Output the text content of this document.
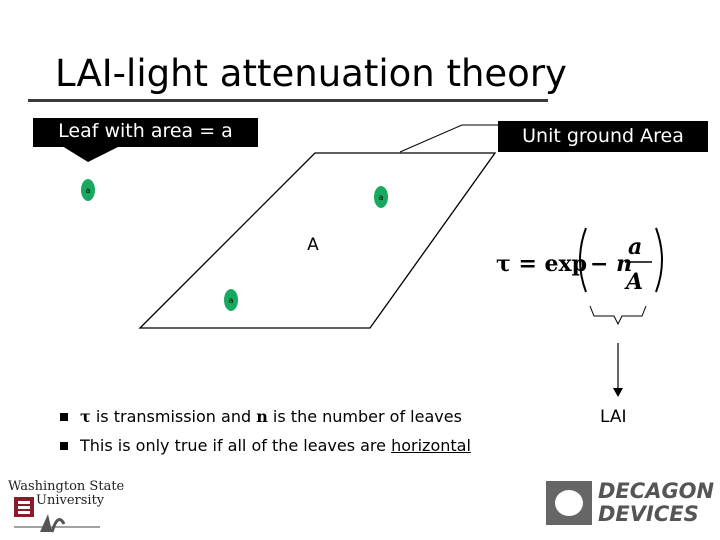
LAI-light attenuation theory
a
a
a
A
τ = exp − n
a
A
Leaf with area = a	Unit ground Area
τ is transmission and n is the number of leaves
This is only true if all of the leaves are horizontal
LAI
Washington State
University	DECAGON
DEVICES
